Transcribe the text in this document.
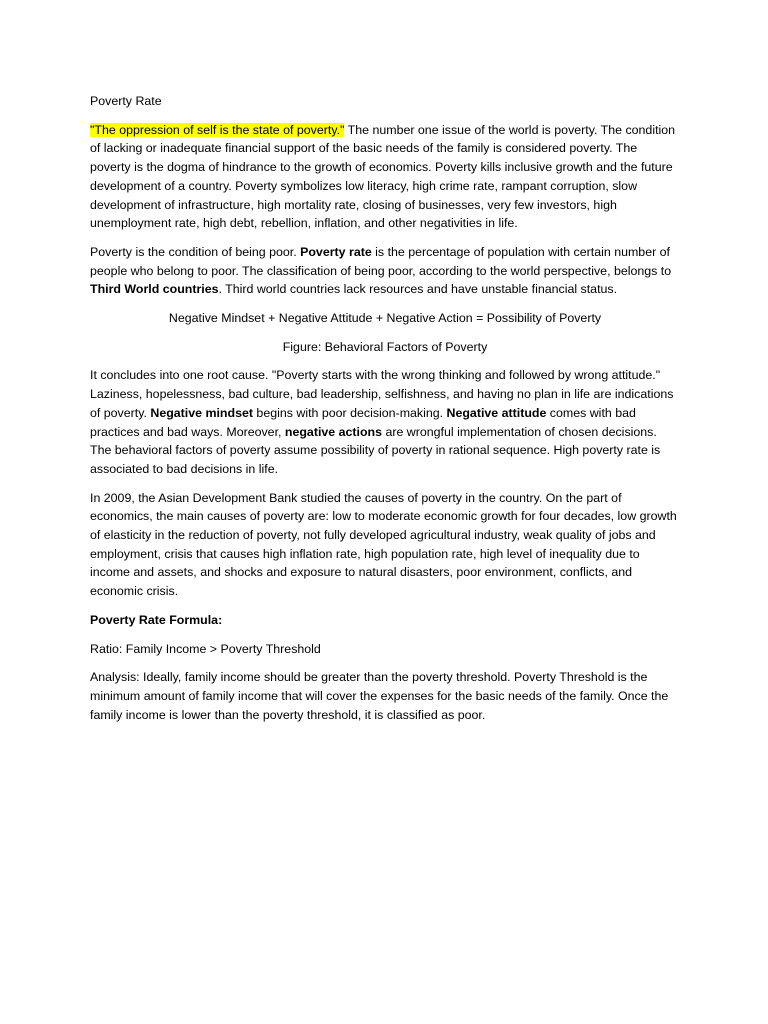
Poverty Rate

"The oppression of self is the state of poverty." The number one issue of the world is poverty. The condition of lacking or inadequate financial support of the basic needs of the family is considered poverty. The poverty is the dogma of hindrance to the growth of economics. Poverty kills inclusive growth and the future development of a country. Poverty symbolizes low literacy, high crime rate, rampant corruption, slow development of infrastructure, high mortality rate, closing of businesses, very few investors, high unemployment rate, high debt, rebellion, inflation, and other negativities in life.

Poverty is the condition of being poor. Poverty rate is the percentage of population with certain number of people who belong to poor. The classification of being poor, according to the world perspective, belongs to Third World countries. Third world countries lack resources and have unstable financial status.

Negative Mindset + Negative Attitude + Negative Action = Possibility of Poverty

Figure: Behavioral Factors of Poverty

It concludes into one root cause. "Poverty starts with the wrong thinking and followed by wrong attitude." Laziness, hopelessness, bad culture, bad leadership, selfishness, and having no plan in life are indications of poverty. Negative mindset begins with poor decision-making. Negative attitude comes with bad practices and bad ways. Moreover, negative actions are wrongful implementation of chosen decisions. The behavioral factors of poverty assume possibility of poverty in rational sequence. High poverty rate is associated to bad decisions in life.

In 2009, the Asian Development Bank studied the causes of poverty in the country. On the part of economics, the main causes of poverty are: low to moderate economic growth for four decades, low growth of elasticity in the reduction of poverty, not fully developed agricultural industry, weak quality of jobs and employment, crisis that causes high inflation rate, high population rate, high level of inequality due to income and assets, and shocks and exposure to natural disasters, poor environment, conflicts, and economic crisis.

Poverty Rate Formula:

Ratio: Family Income > Poverty Threshold

Analysis: Ideally, family income should be greater than the poverty threshold. Poverty Threshold is the minimum amount of family income that will cover the expenses for the basic needs of the family. Once the family income is lower than the poverty threshold, it is classified as poor.
